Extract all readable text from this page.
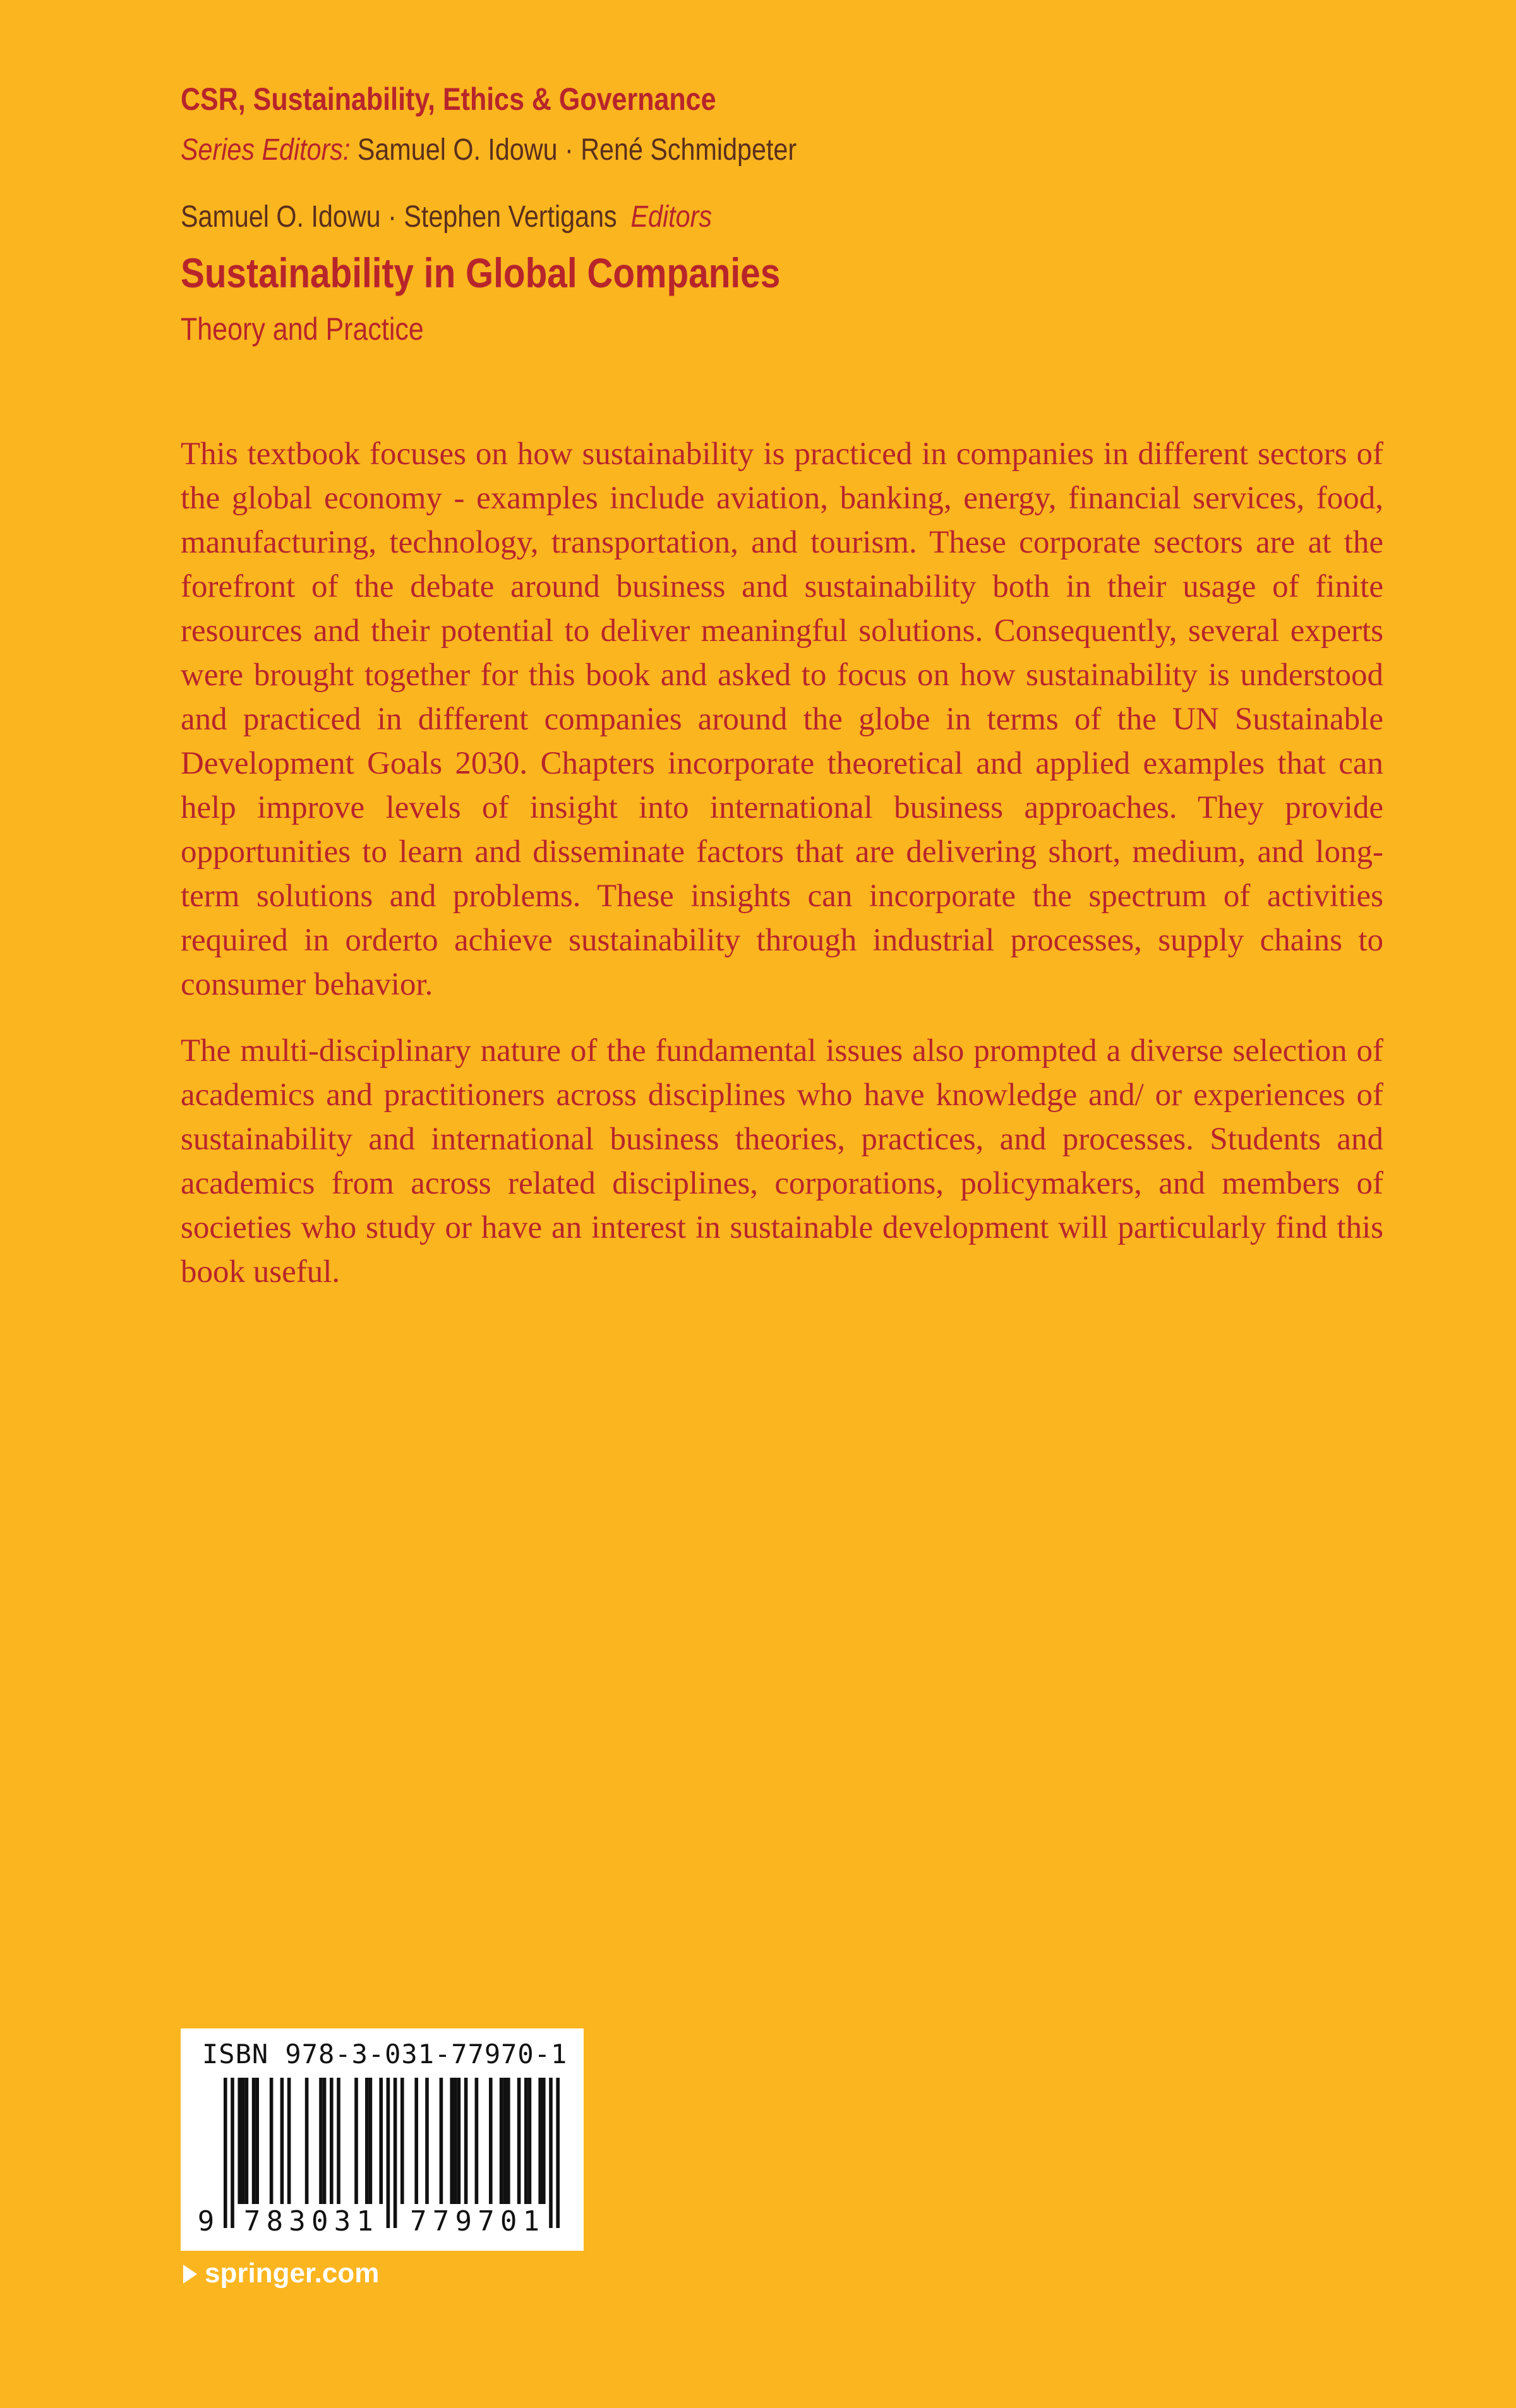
CSR, Sustainability, Ethics & Governance
Series Editors: Samuel O. Idowu · René Schmidpeter
Samuel O. Idowu · Stephen Vertigans Editors
Sustainability in Global Companies
Theory and Practice

This textbook focuses on how sustainability is practiced in companies in different sectors of the global economy - examples include aviation, banking, energy, financial services, food, manufacturing, technology, transportation, and tourism. These corporate sectors are at the forefront of the debate around business and sustainability both in their usage of finite resources and their potential to deliver meaningful solutions. Consequently, several experts were brought together for this book and asked to focus on how sustainability is understood and practiced in different companies around the globe in terms of the UN Sustainable Development Goals 2030. Chapters incorporate theoretical and applied examples that can help improve levels of insight into international business approaches. They provide opportunities to learn and disseminate factors that are delivering short, medium, and long-term solutions and problems. These insights can incorporate the spectrum of activities required in orderto achieve sustainability through industrial processes, supply chains to consumer behavior.

The multi-disciplinary nature of the fundamental issues also prompted a diverse selection of academics and practitioners across disciplines who have knowledge and/ or experiences of sustainability and international business theories, practices, and processes. Students and academics from across related disciplines, corporations, policymakers, and members of societies who study or have an interest in sustainable development will particularly find this book useful.

ISBN 978-3-031-77970-1
9 783031 779701
springer.com
